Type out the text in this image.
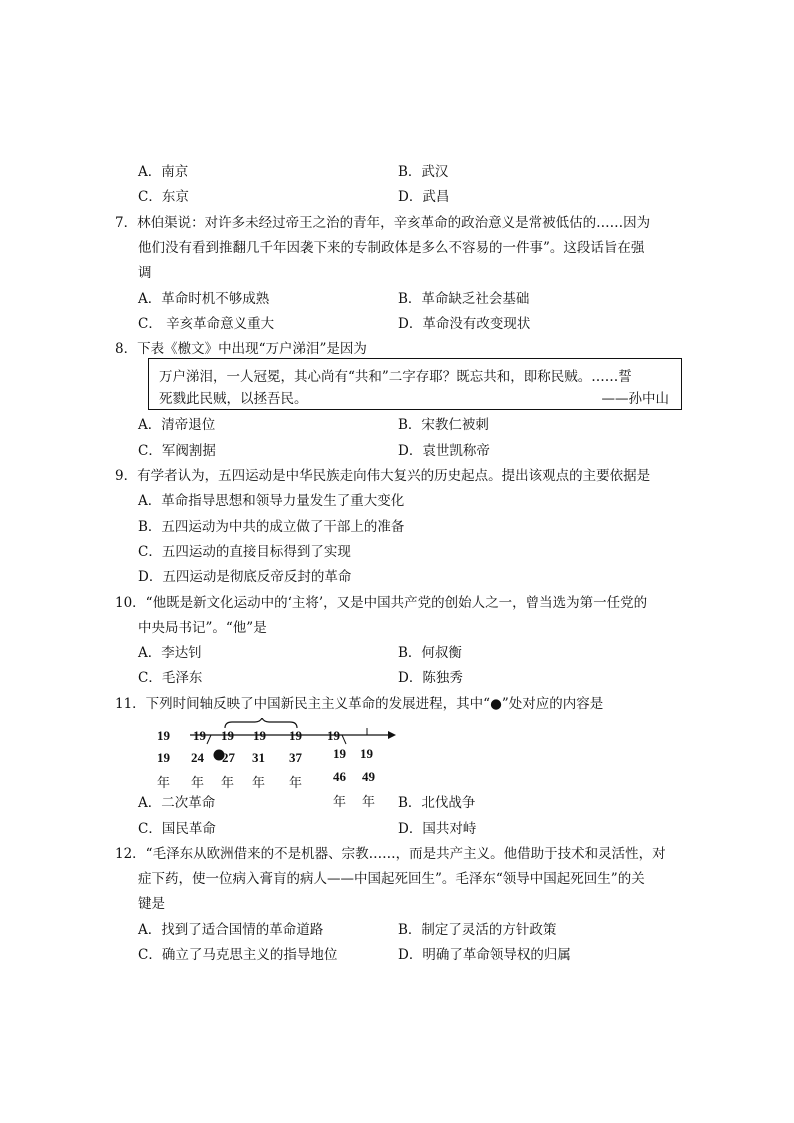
A．南京	B．武汉
C．东京	D．武昌
7．林伯渠说：对许多未经过帝王之治的青年，辛亥革命的政治意义是常被低估的……因为
他们没有看到推翻几千年因袭下来的专制政体是多么不容易的一件事”。这段话旨在强
调
A．革命时机不够成熟	B．革命缺乏社会基础
C． 辛亥革命意义重大	D．革命没有改变现状
8．下表《檄文》中出现“万户涕泪”是因为
万户涕泪，一人冠冕，其心尚有“共和”二字存耶？既忘共和，即称民贼。……誓
死戮此民贼，以拯吾民。	——孙中山
A．清帝退位	B．宋教仁被刺
C．军阀割据	D．袁世凯称帝
9．有学者认为，五四运动是中华民族走向伟大复兴的历史起点。提出该观点的主要依据是
A．革命指导思想和领导力量发生了重大变化
B．五四运动为中共的成立做了干部上的准备
C．五四运动的直接目标得到了实现
D．五四运动是彻底反帝反封的革命
10．“他既是新文化运动中的‘主将’，又是中国共产党的创始人之一，曾当选为第一任党的
中央局书记”。“他”是
A．李达钊	B．何叔衡
C．毛泽东	D．陈独秀
11．下列时间轴反映了中国新民主主义革命的发展进程，其中“●”处对应的内容是
19 19 19 19 19 19
19 24 27 31 37 19 19
年 年 年 年 年 46 49
年 年
A．二次革命	B．北伐战争
C．国民革命	D．国共对峙
12．“毛泽东从欧洲借来的不是机器、宗教……，而是共产主义。他借助于技术和灵活性，对
症下药，使一位病入膏肓的病人——中国起死回生”。毛泽东“领导中国起死回生”的关
键是
A．找到了适合国情的革命道路	B．制定了灵活的方针政策
C．确立了马克思主义的指导地位	D．明确了革命领导权的归属
